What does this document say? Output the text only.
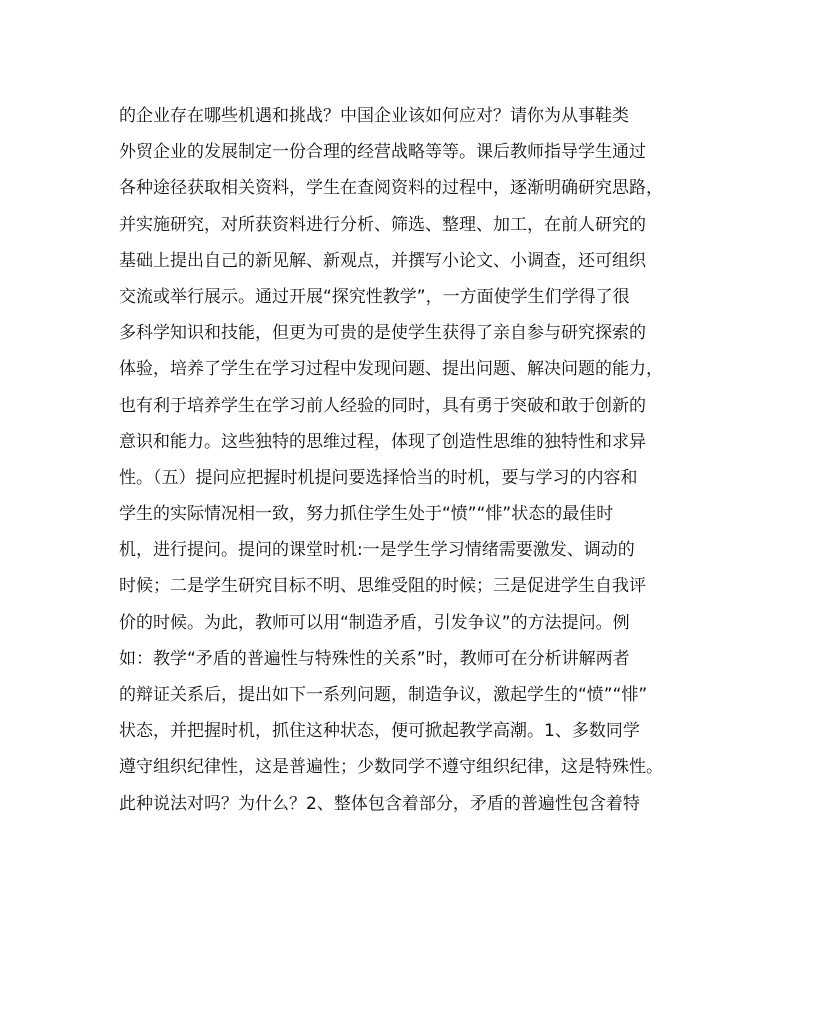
的企业存在哪些机遇和挑战？中国企业该如何应对？请你为从事鞋类
外贸企业的发展制定一份合理的经营战略等等。课后教师指导学生通过
各种途径获取相关资料，学生在查阅资料的过程中，逐渐明确研究思路，
并实施研究，对所获资料进行分析、筛选、整理、加工，在前人研究的
基础上提出自己的新见解、新观点，并撰写小论文、小调查，还可组织
交流或举行展示。通过开展“探究性教学”，一方面使学生们学得了很
多科学知识和技能，但更为可贵的是使学生获得了亲自参与研究探索的
体验，培养了学生在学习过程中发现问题、提出问题、解决问题的能力，
也有利于培养学生在学习前人经验的同时，具有勇于突破和敢于创新的
意识和能力。这些独特的思维过程，体现了创造性思维的独特性和求异
性。（五）提问应把握时机提问要选择恰当的时机，要与学习的内容和
学生的实际情况相一致，努力抓住学生处于“愤”“悱”状态的最佳时
机，进行提问。提问的课堂时机:一是学生学习情绪需要激发、调动的
时候；二是学生研究目标不明、思维受阻的时候；三是促进学生自我评
价的时候。为此，教师可以用“制造矛盾，引发争议”的方法提问。例
如：教学“矛盾的普遍性与特殊性的关系”时，教师可在分析讲解两者
的辩证关系后，提出如下一系列问题，制造争议，激起学生的“愤”“悱”
状态，并把握时机，抓住这种状态，便可掀起教学高潮。1、多数同学
遵守组织纪律性，这是普遍性；少数同学不遵守组织纪律，这是特殊性。
此种说法对吗？为什么？2、整体包含着部分，矛盾的普遍性包含着特
